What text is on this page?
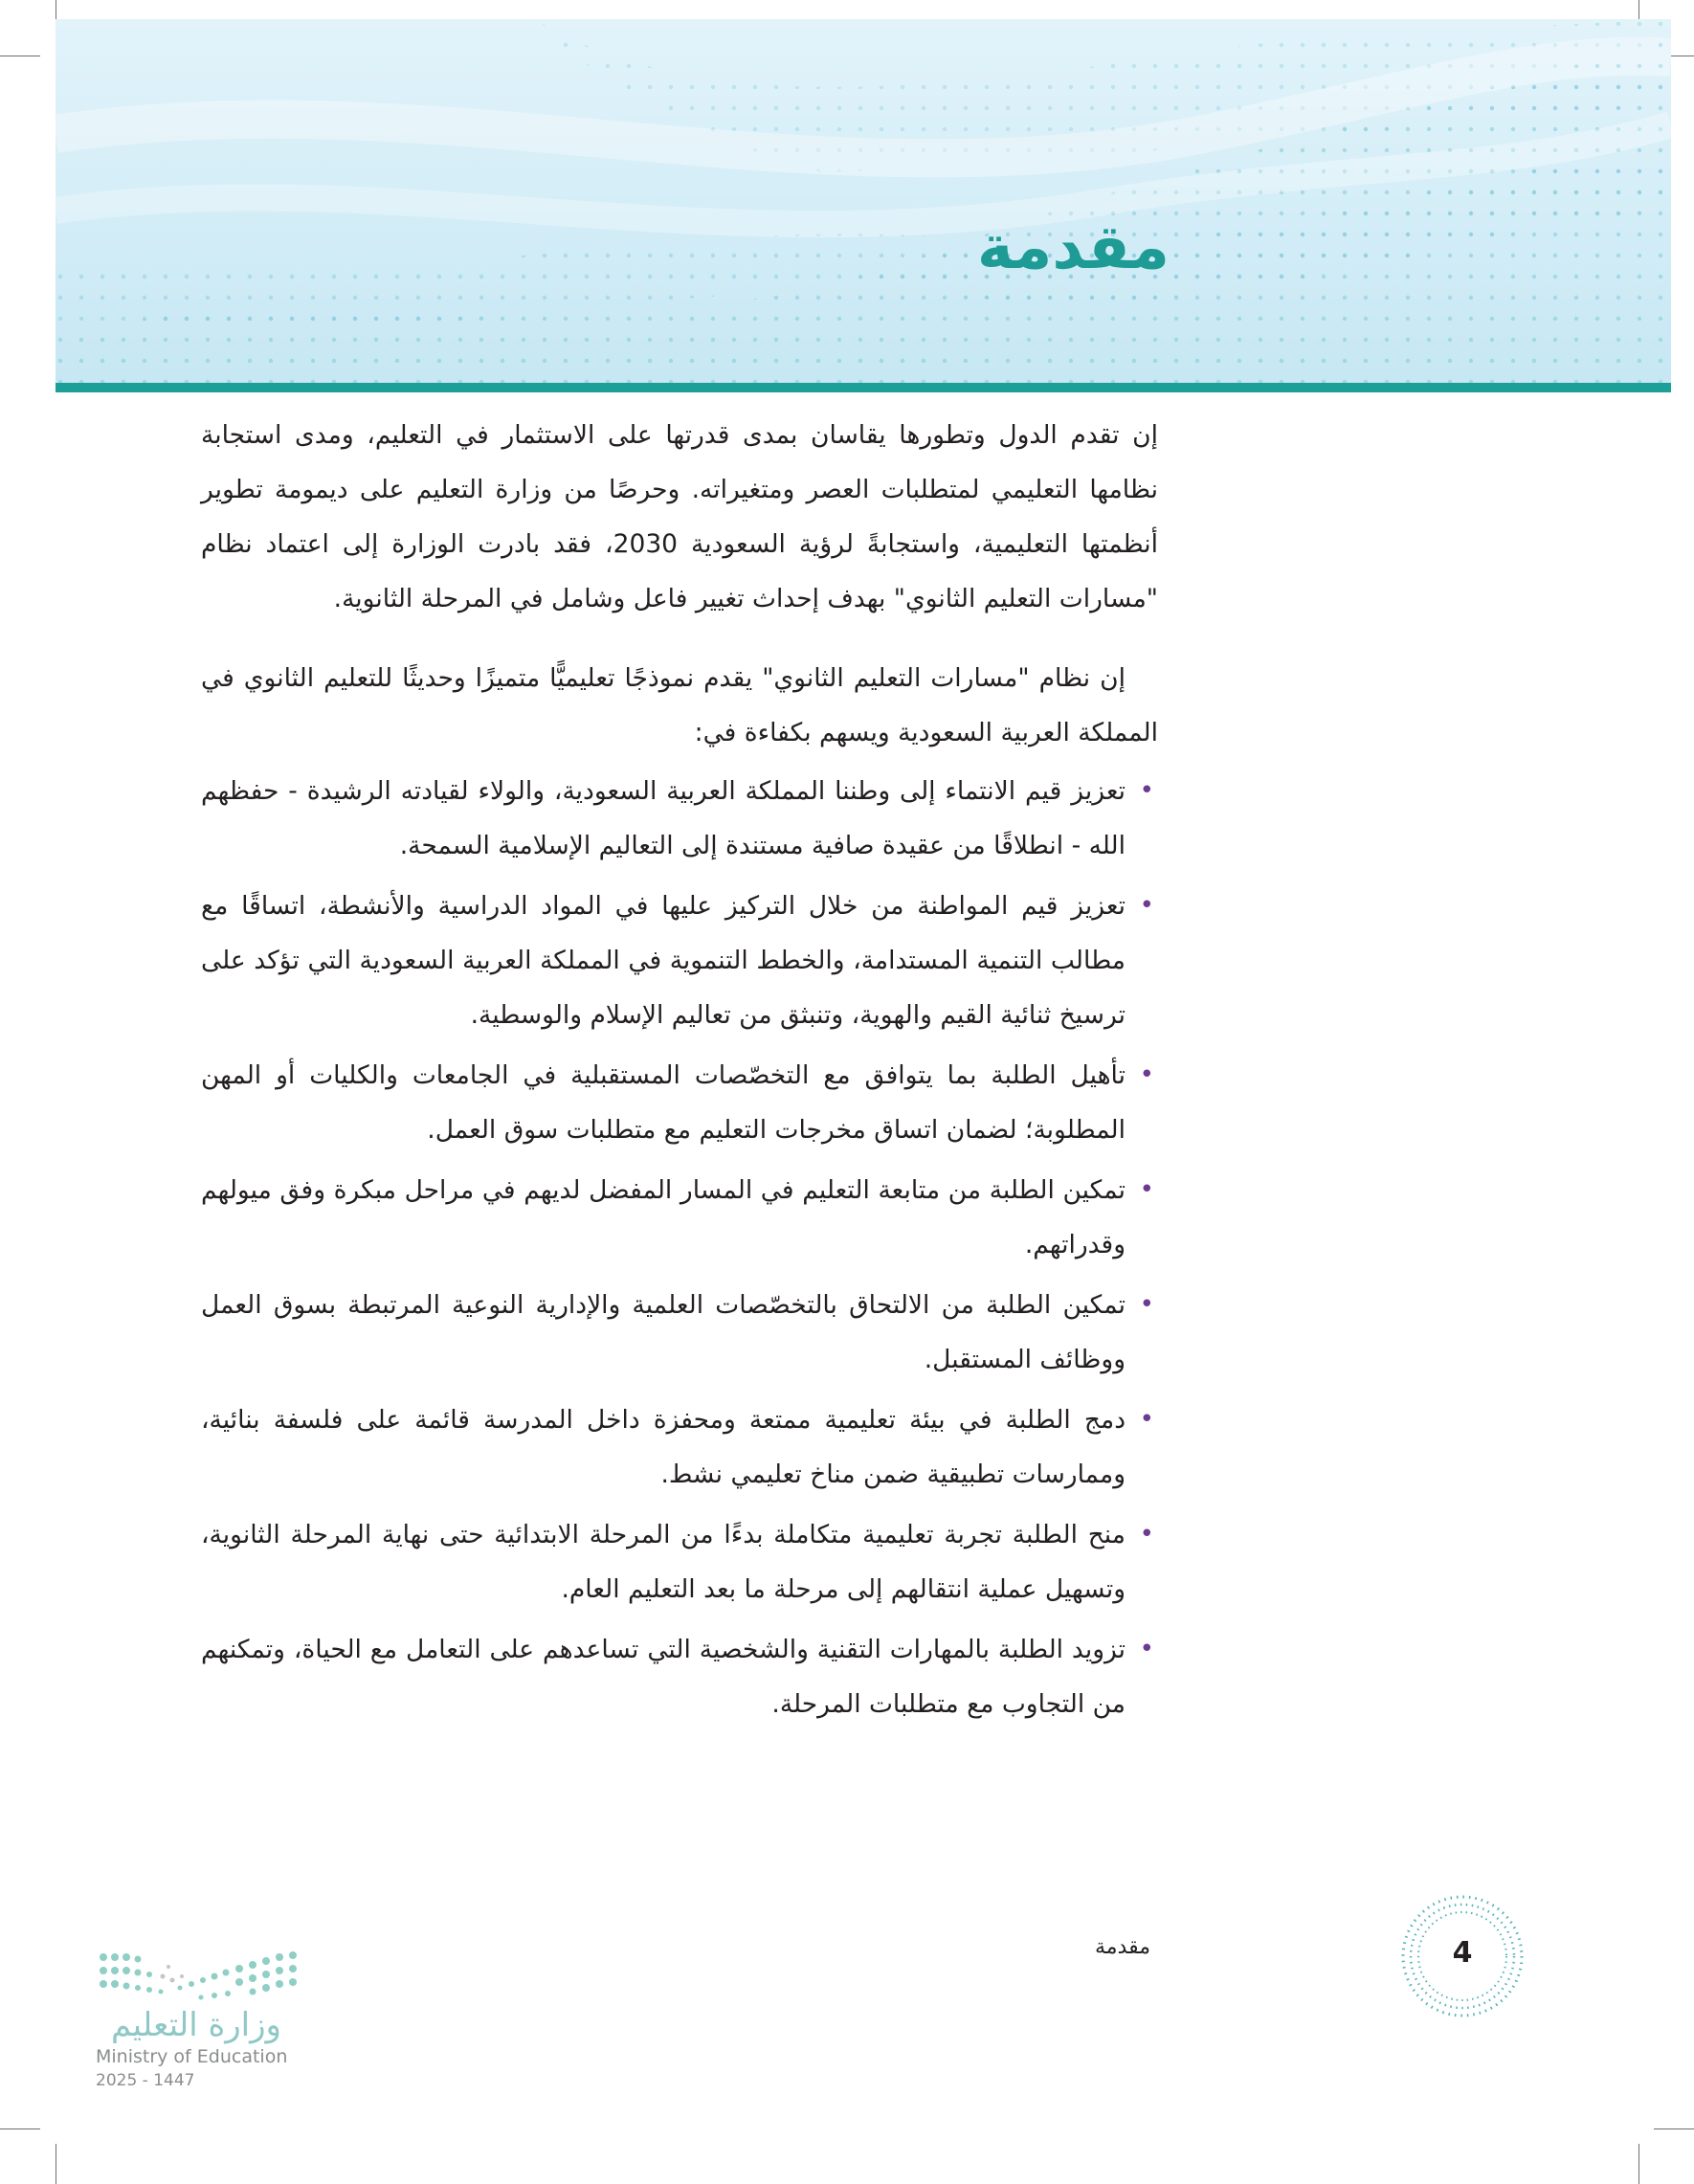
مقدمة

إن تقدم الدول وتطورها يقاسان بمدى قدرتها على الاستثمار في التعليم، ومدى استجابة نظامها التعليمي لمتطلبات العصر ومتغيراته. وحرصًا من وزارة التعليم على ديمومة تطوير أنظمتها التعليمية، واستجابةً لرؤية السعودية 2030، فقد بادرت الوزارة إلى اعتماد نظام "مسارات التعليم الثانوي" بهدف إحداث تغيير فاعل وشامل في المرحلة الثانوية.

إن نظام "مسارات التعليم الثانوي" يقدم نموذجًا تعليميًّا متميزًا وحديثًا للتعليم الثانوي في المملكة العربية السعودية ويسهم بكفاءة في:

•
تعزيز قيم الانتماء إلى وطننا المملكة العربية السعودية، والولاء لقيادته الرشيدة - حفظهم الله - انطلاقًا من عقيدة صافية مستندة إلى التعاليم الإسلامية السمحة.
•
تعزيز قيم المواطنة من خلال التركيز عليها في المواد الدراسية والأنشطة، اتساقًا مع مطالب التنمية المستدامة، والخطط التنموية في المملكة العربية السعودية التي تؤكد على ترسيخ ثنائية القيم والهوية، وتنبثق من تعاليم الإسلام والوسطية.
•
تأهيل الطلبة بما يتوافق مع التخصّصات المستقبلية في الجامعات والكليات أو المهن المطلوبة؛ لضمان اتساق مخرجات التعليم مع متطلبات سوق العمل.
•
تمكين الطلبة من متابعة التعليم في المسار المفضل لديهم في مراحل مبكرة وفق ميولهم وقدراتهم.
•
تمكين الطلبة من الالتحاق بالتخصّصات العلمية والإدارية النوعية المرتبطة بسوق العمل ووظائف المستقبل.
•
دمج الطلبة في بيئة تعليمية ممتعة ومحفزة داخل المدرسة قائمة على فلسفة بنائية، وممارسات تطبيقية ضمن مناخ تعليمي نشط.
•
منح الطلبة تجربة تعليمية متكاملة بدءًا من المرحلة الابتدائية حتى نهاية المرحلة الثانوية، وتسهيل عملية انتقالهم إلى مرحلة ما بعد التعليم العام.
•
تزويد الطلبة بالمهارات التقنية والشخصية التي تساعدهم على التعامل مع الحياة، وتمكنهم من التجاوب مع متطلبات المرحلة.
وزارة التعليم
Ministry of Education
2025 - 1447
مقدمة	4
